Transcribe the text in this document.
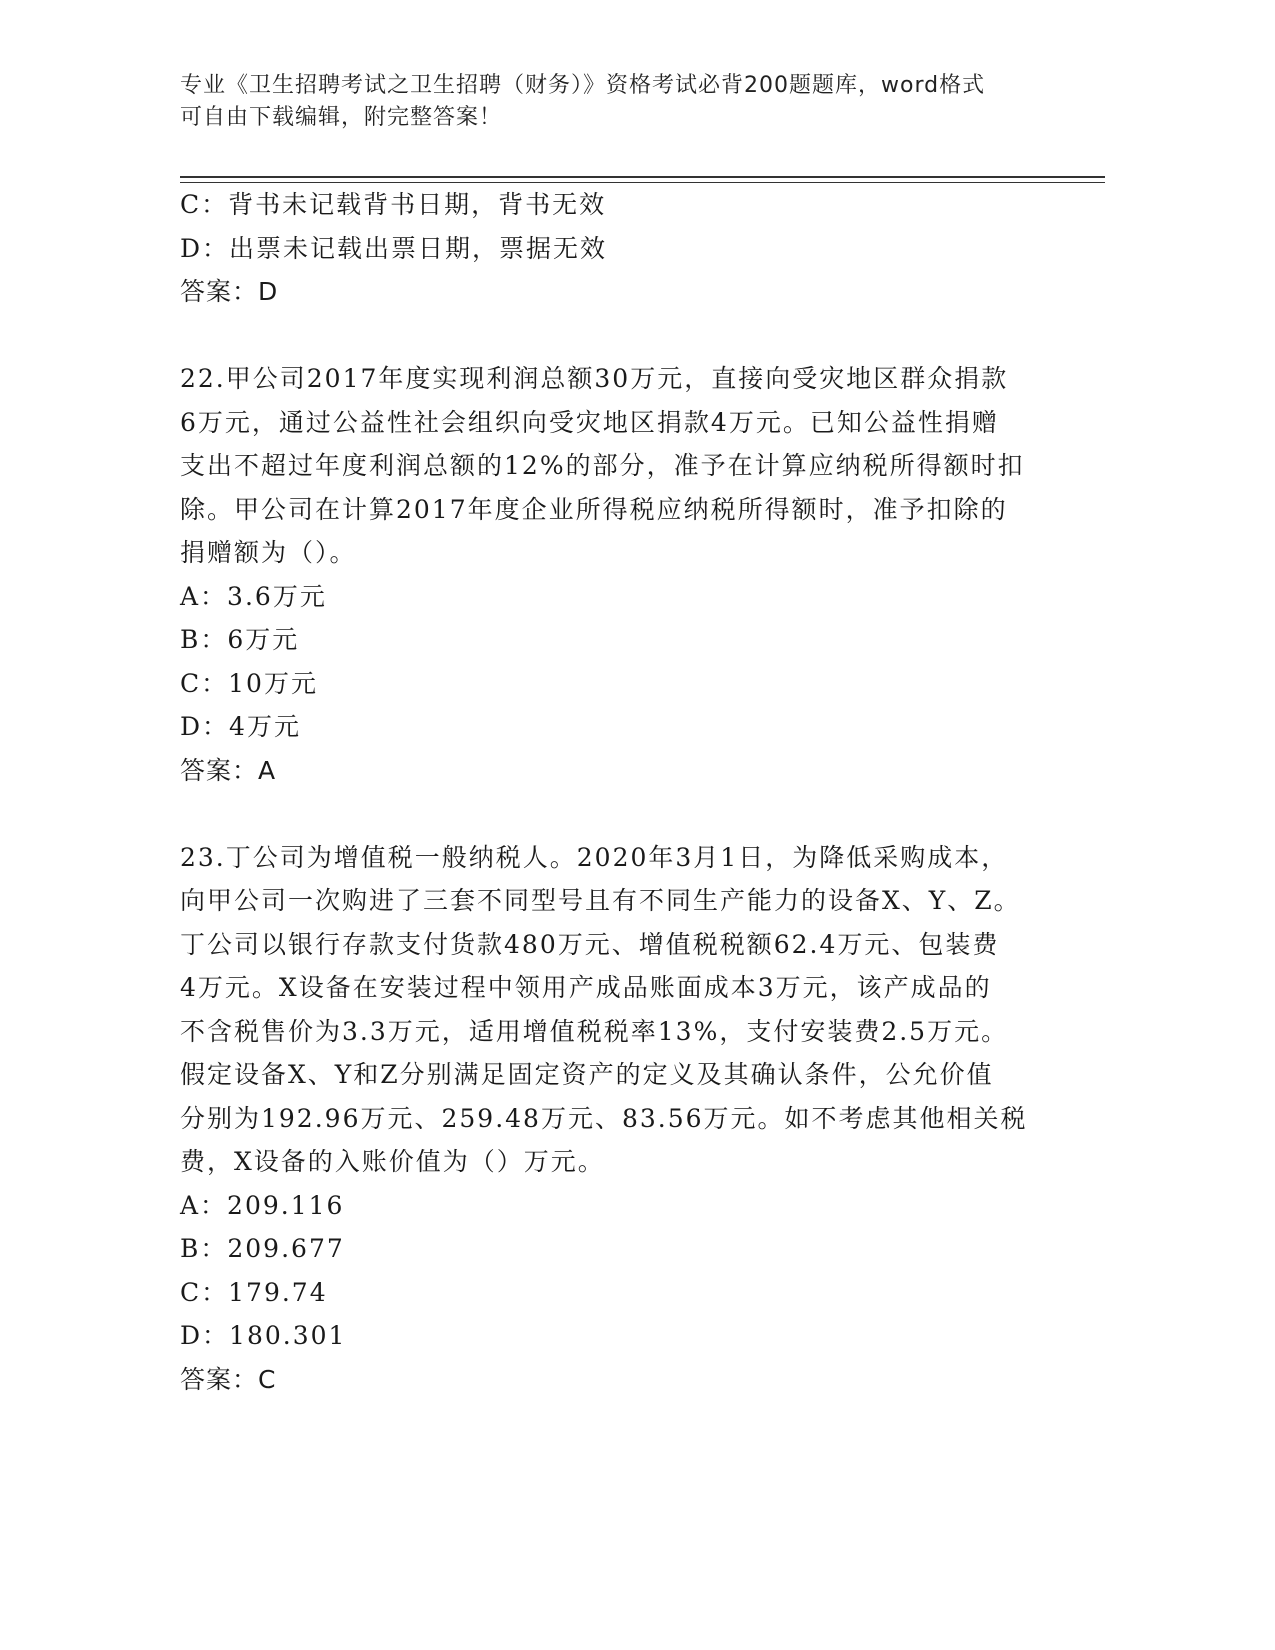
专业《卫生招聘考试之卫生招聘（财务）》资格考试必背200题题库，word格式
可自由下载编辑，附完整答案！
C：背书未记载背书日期，背书无效
D：出票未记载出票日期，票据无效
答案：D
22.甲公司2017年度实现利润总额30万元，直接向受灾地区群众捐款
6万元，通过公益性社会组织向受灾地区捐款4万元。已知公益性捐赠
支出不超过年度利润总额的12%的部分，准予在计算应纳税所得额时扣
除。甲公司在计算2017年度企业所得税应纳税所得额时，准予扣除的
捐赠额为（）。
A：3.6万元
B：6万元
C：10万元
D：4万元
答案：A
23.丁公司为增值税一般纳税人。2020年3月1日，为降低采购成本，
向甲公司一次购进了三套不同型号且有不同生产能力的设备X、Y、Z。
丁公司以银行存款支付货款480万元、增值税税额62.4万元、包装费
4万元。X设备在安装过程中领用产成品账面成本3万元，该产成品的
不含税售价为3.3万元，适用增值税税率13%，支付安装费2.5万元。
假定设备X、Y和Z分别满足固定资产的定义及其确认条件，公允价值
分别为192.96万元、259.48万元、83.56万元。如不考虑其他相关税
费，X设备的入账价值为（）万元。
A：209.116
B：209.677
C：179.74
D：180.301
答案：C
